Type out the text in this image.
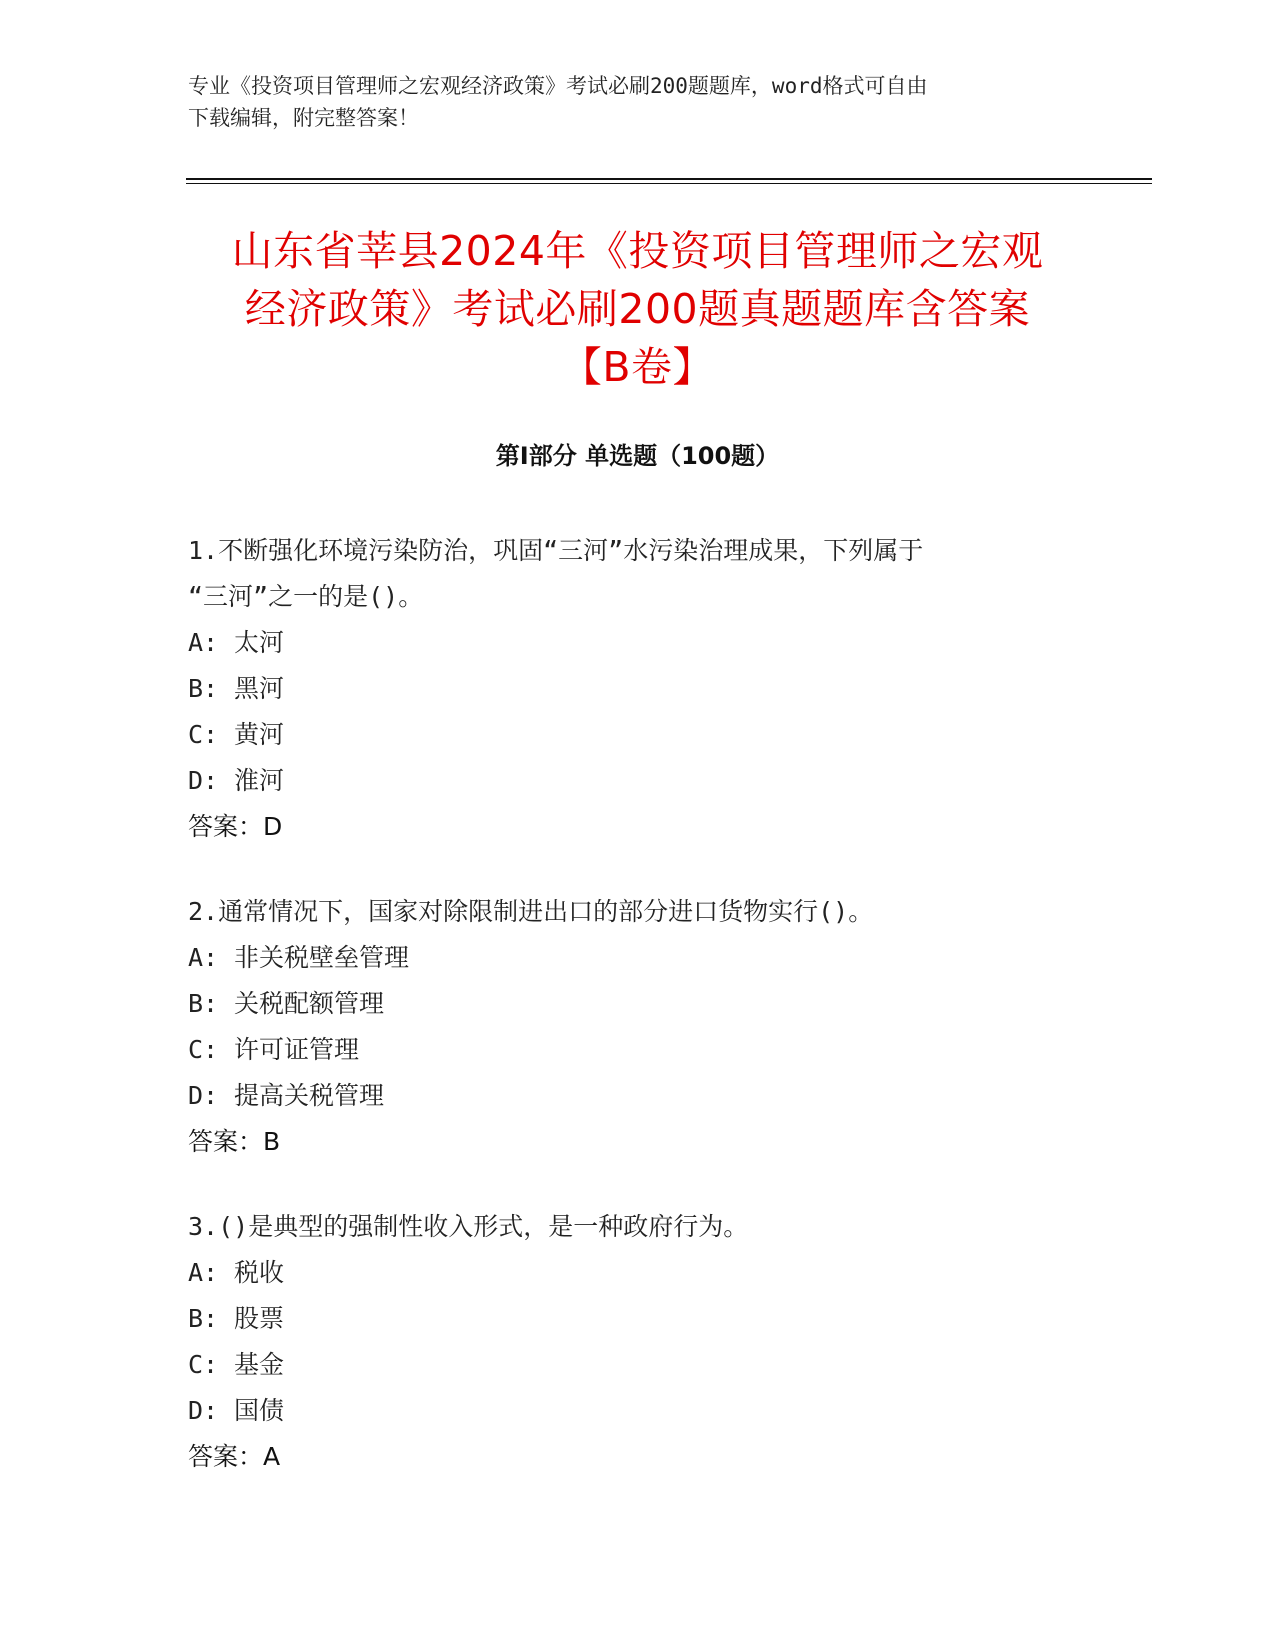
专业《投资项目管理师之宏观经济政策》考试必刷200题题库，word格式可自由

下载编辑，附完整答案！

山东省莘县2024年《投资项目管理师之宏观
经济政策》考试必刷200题真题题库含答案
【B卷】
第Ⅰ部分 单选题（100题）
1.不断强化环境污染防治，巩固“三河”水污染治理成果，下列属于
“三河”之一的是()。
A: 太河
B: 黑河
C: 黄河
D: 淮河
答案：D
2.通常情况下，国家对除限制进出口的部分进口货物实行()。
A: 非关税壁垒管理
B: 关税配额管理
C: 许可证管理
D: 提高关税管理
答案：B
3.()是典型的强制性收入形式，是一种政府行为。
A: 税收
B: 股票
C: 基金
D: 国债
答案：A
